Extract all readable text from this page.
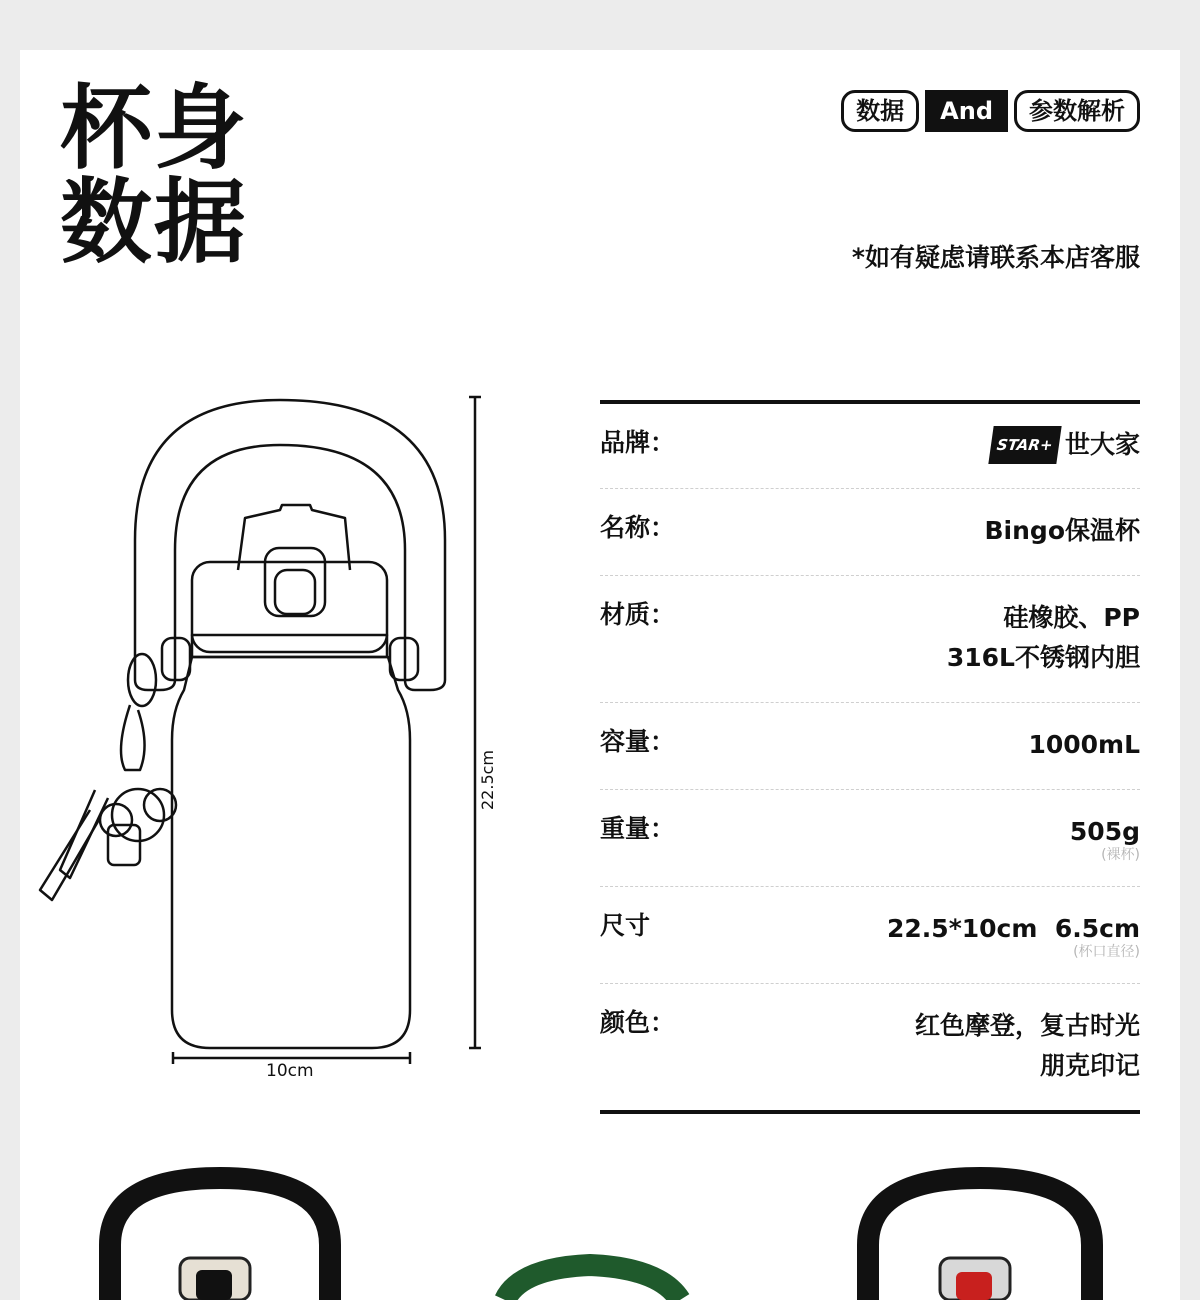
杯身
数据
数据	And	参数解析
*如有疑虑请联系本店客服
22.5cm
10cm
品牌：	STAR+ 世大家
名称：	Bingo保温杯
材质：	硅橡胶、PP
316L不锈钢内胆
容量：	1000mL
重量：	505g
(裸杯)
尺寸	22.5*10cm  6.5cm
(杯口直径)
颜色：	红色摩登，复古时光
朋克印记
